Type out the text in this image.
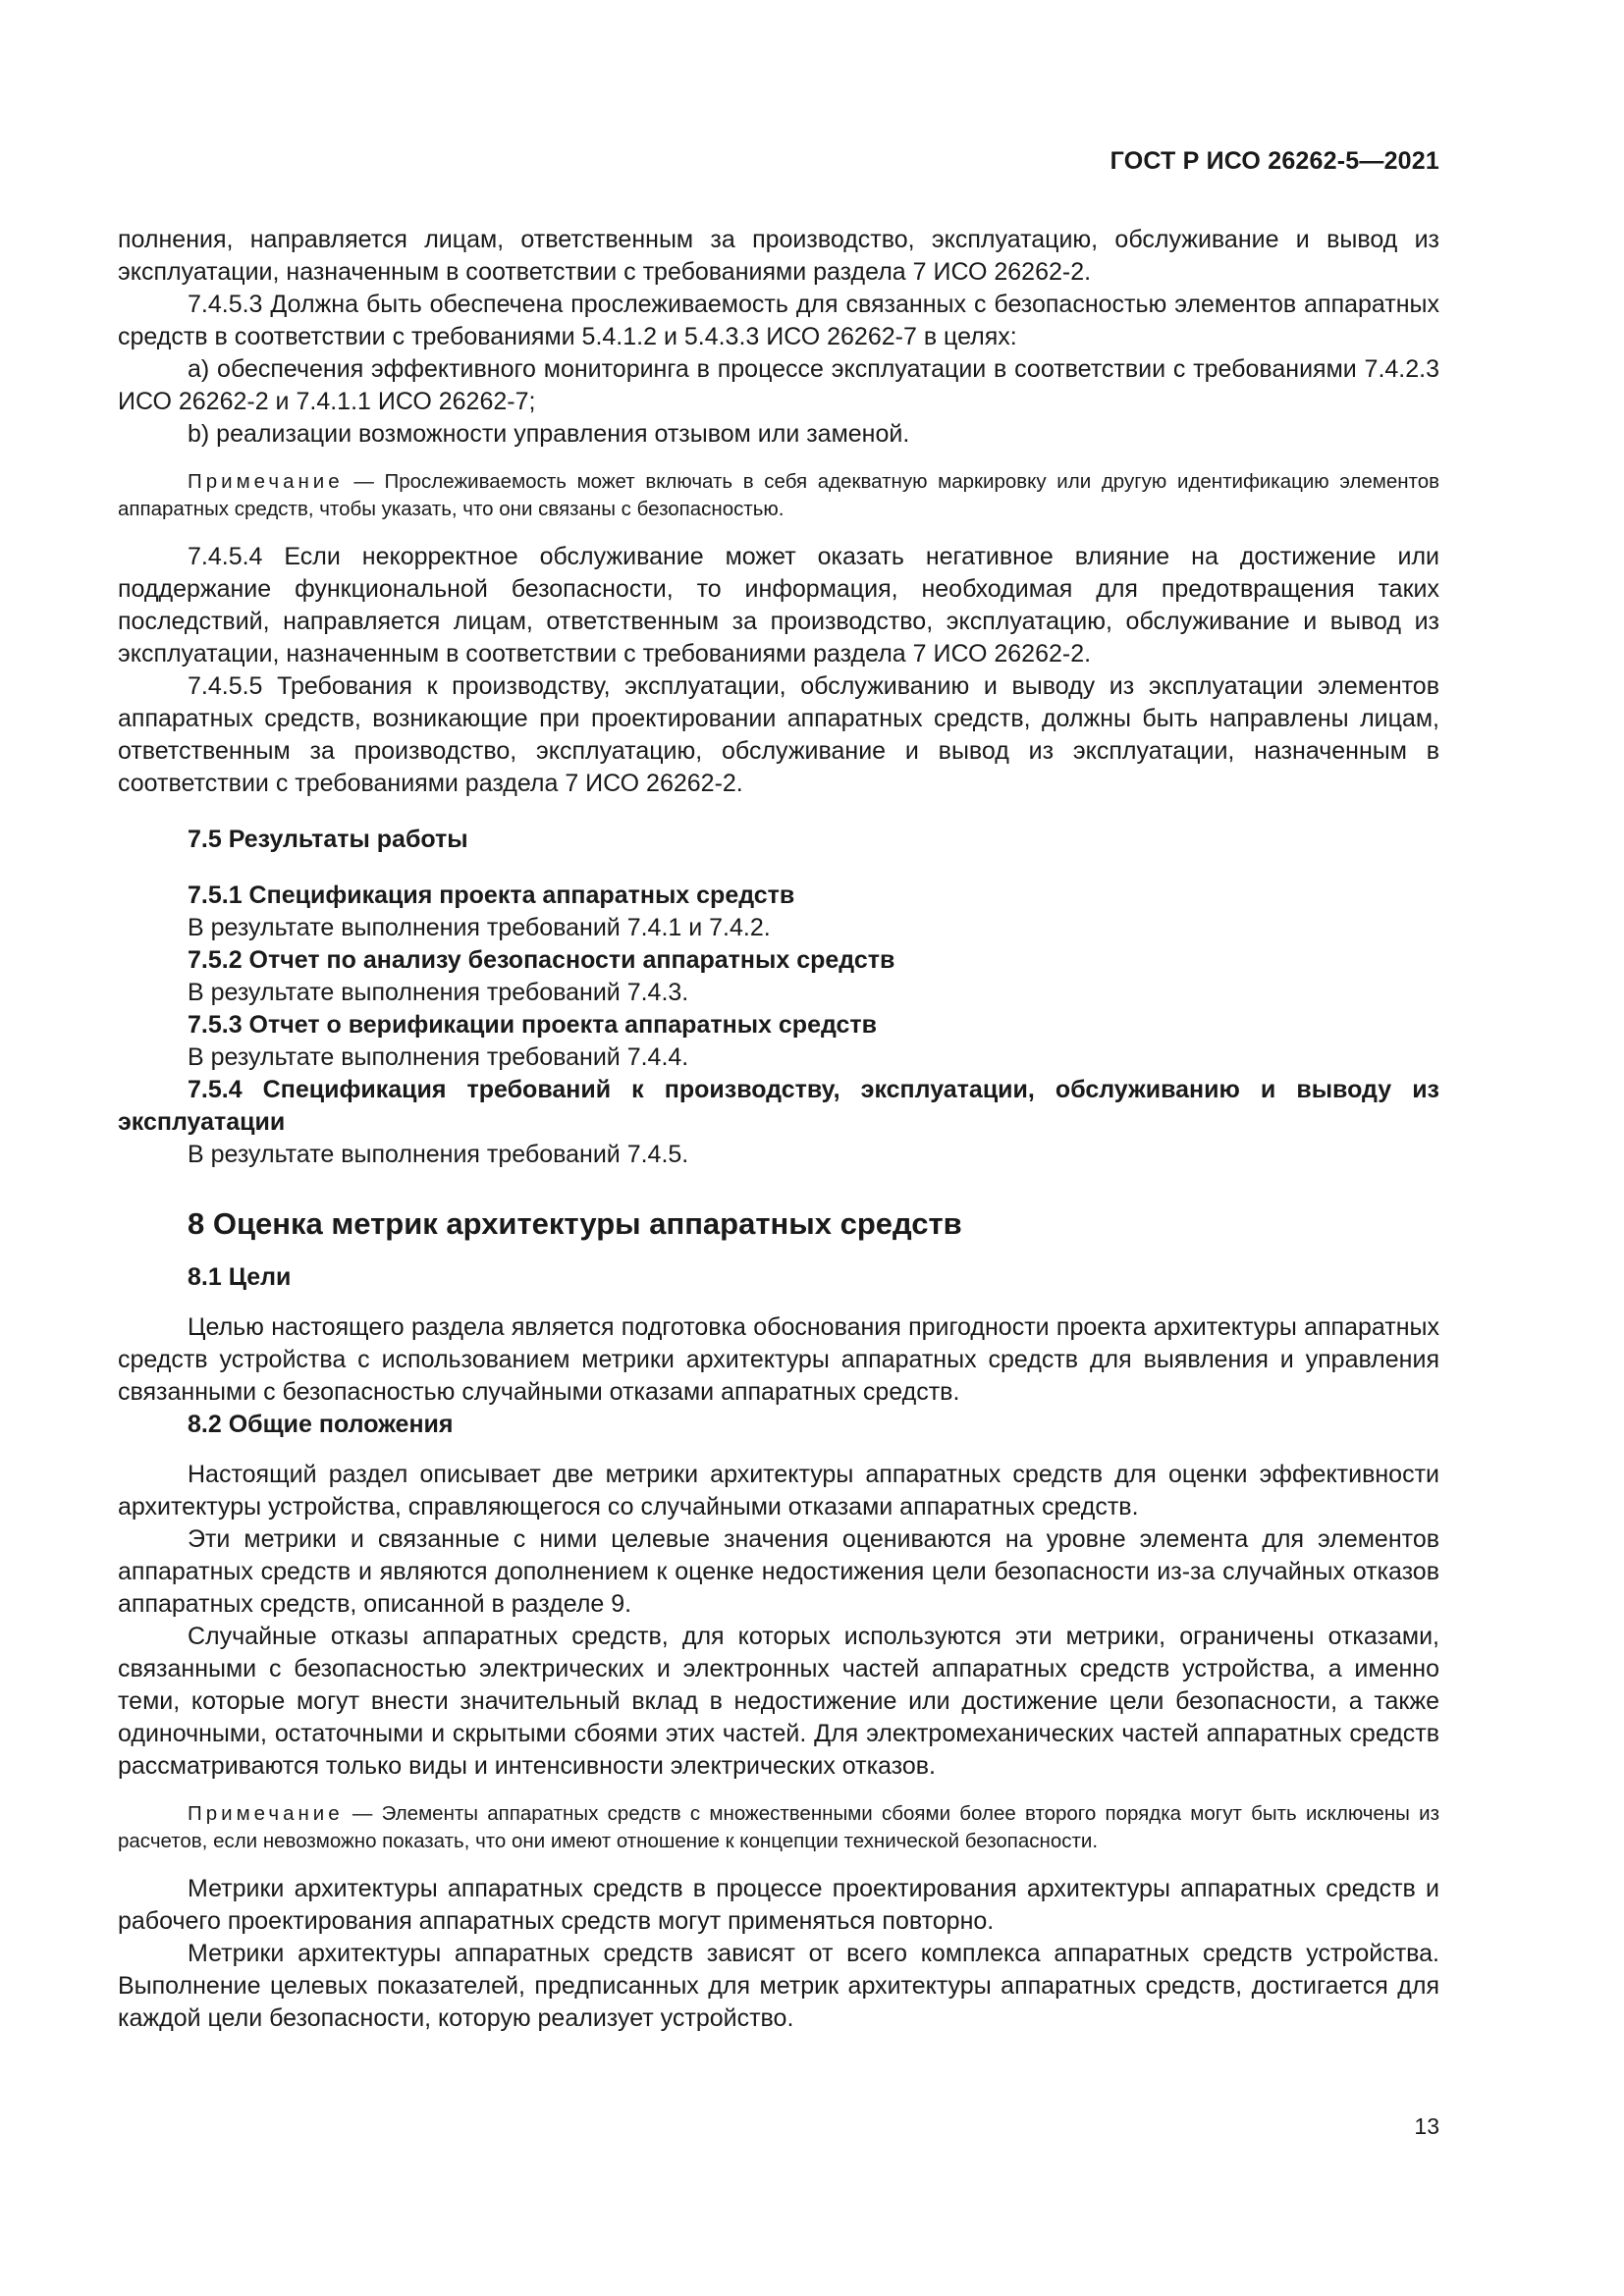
ГОСТ Р ИСО 26262-5—2021

полнения, направляется лицам, ответственным за производство, эксплуатацию, обслуживание и вывод из эксплуатации, назначенным в соответствии с требованиями раздела 7 ИСО 26262-2.

7.4.5.3 Должна быть обеспечена прослеживаемость для связанных с безопасностью элементов аппаратных средств в соответствии с требованиями 5.4.1.2 и 5.4.3.3 ИСО 26262-7 в целях:

a) обеспечения эффективного мониторинга в процессе эксплуатации в соответствии с требованиями 7.4.2.3 ИСО 26262-2 и 7.4.1.1 ИСО 26262-7;

b) реализации возможности управления отзывом или заменой.

Примечание — Прослеживаемость может включать в себя адекватную маркировку или другую идентификацию элементов аппаратных средств, чтобы указать, что они связаны с безопасностью.

7.4.5.4 Если некорректное обслуживание может оказать негативное влияние на достижение или поддержание функциональной безопасности, то информация, необходимая для предотвращения таких последствий, направляется лицам, ответственным за производство, эксплуатацию, обслуживание и вывод из эксплуатации, назначенным в соответствии с требованиями раздела 7 ИСО 26262-2.

7.4.5.5 Требования к производству, эксплуатации, обслуживанию и выводу из эксплуатации элементов аппаратных средств, возникающие при проектировании аппаратных средств, должны быть направлены лицам, ответственным за производство, эксплуатацию, обслуживание и вывод из эксплуатации, назначенным в соответствии с требованиями раздела 7 ИСО 26262-2.

7.5 Результаты работы

7.5.1 Спецификация проекта аппаратных средств

В результате выполнения требований 7.4.1 и 7.4.2.

7.5.2 Отчет по анализу безопасности аппаратных средств

В результате выполнения требований 7.4.3.

7.5.3 Отчет о верификации проекта аппаратных средств

В результате выполнения требований 7.4.4.

7.5.4 Спецификация требований к производству, эксплуатации, обслуживанию и выводу из эксплуатации

В результате выполнения требований 7.4.5.

8 Оценка метрик архитектуры аппаратных средств

8.1 Цели

Целью настоящего раздела является подготовка обоснования пригодности проекта архитектуры аппаратных средств устройства с использованием метрики архитектуры аппаратных средств для выявления и управления связанными с безопасностью случайными отказами аппаратных средств.

8.2 Общие положения

Настоящий раздел описывает две метрики архитектуры аппаратных средств для оценки эффективности архитектуры устройства, справляющегося со случайными отказами аппаратных средств.

Эти метрики и связанные с ними целевые значения оцениваются на уровне элемента для элементов аппаратных средств и являются дополнением к оценке недостижения цели безопасности из-за случайных отказов аппаратных средств, описанной в разделе 9.

Случайные отказы аппаратных средств, для которых используются эти метрики, ограничены отказами, связанными с безопасностью электрических и электронных частей аппаратных средств устройства, а именно теми, которые могут внести значительный вклад в недостижение или достижение цели безопасности, а также одиночными, остаточными и скрытыми сбоями этих частей. Для электромеханических частей аппаратных средств рассматриваются только виды и интенсивности электрических отказов.

Примечание — Элементы аппаратных средств с множественными сбоями более второго порядка могут быть исключены из расчетов, если невозможно показать, что они имеют отношение к концепции технической безопасности.

Метрики архитектуры аппаратных средств в процессе проектирования архитектуры аппаратных средств и рабочего проектирования аппаратных средств могут применяться повторно.

Метрики архитектуры аппаратных средств зависят от всего комплекса аппаратных средств устройства. Выполнение целевых показателей, предписанных для метрик архитектуры аппаратных средств, достигается для каждой цели безопасности, которую реализует устройство.

13
